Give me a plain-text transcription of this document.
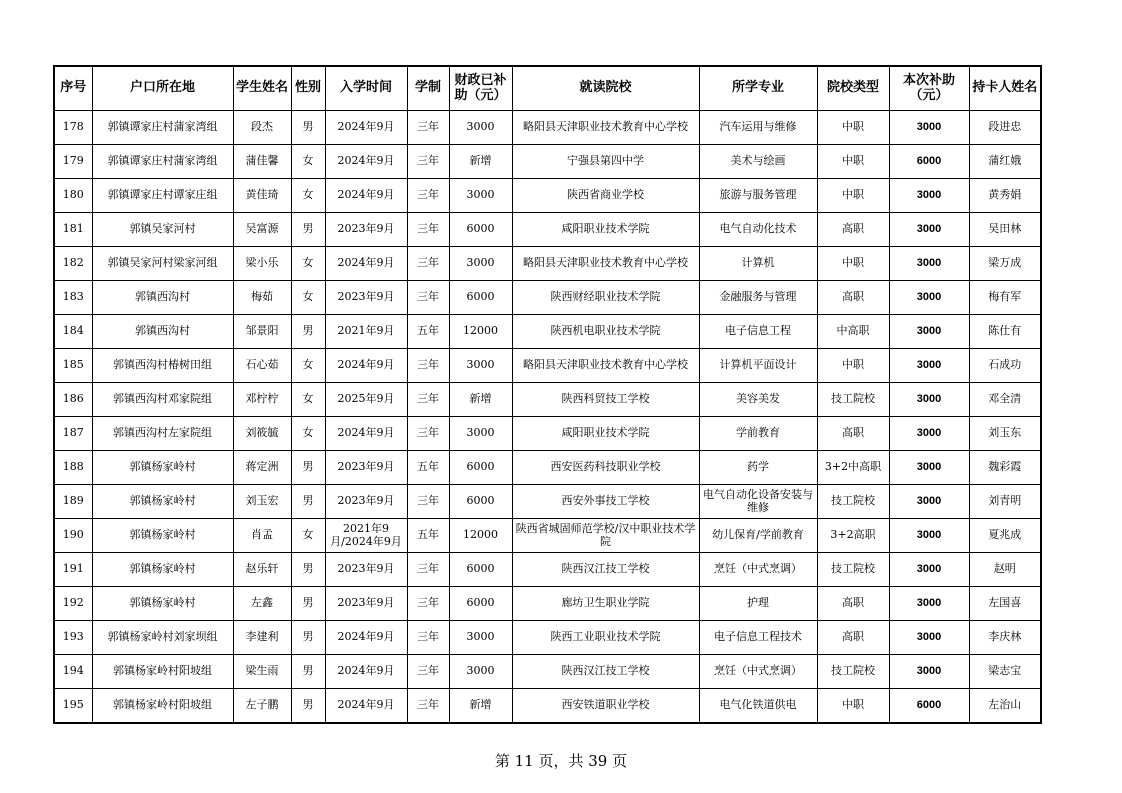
序号	户口所在地	学生姓名	性别	入学时间	学制	财政已补助（元）	就读院校	所学专业	院校类型	本次补助（元）	持卡人姓名
178	郭镇谭家庄村蒲家湾组	段杰	男	2024年9月	三年	3000	略阳县天津职业技术教育中心学校	汽车运用与维修	中职	3000	段进忠
179	郭镇谭家庄村蒲家湾组	蒲佳馨	女	2024年9月	三年	新增	宁强县第四中学	美术与绘画	中职	6000	蒲红娥
180	郭镇谭家庄村谭家庄组	黄佳琦	女	2024年9月	三年	3000	陕西省商业学校	旅游与服务管理	中职	3000	黄秀娟
181	郭镇吴家河村	吴富源	男	2023年9月	三年	6000	咸阳职业技术学院	电气自动化技术	高职	3000	吴田林
182	郭镇吴家河村梁家河组	梁小乐	女	2024年9月	三年	3000	略阳县天津职业技术教育中心学校	计算机	中职	3000	梁万成
183	郭镇西沟村	梅茹	女	2023年9月	三年	6000	陕西财经职业技术学院	金融服务与管理	高职	3000	梅有军
184	郭镇西沟村	邹景阳	男	2021年9月	五年	12000	陕西机电职业技术学院	电子信息工程	中高职	3000	陈仕有
185	郭镇西沟村椿树田组	石心茹	女	2024年9月	三年	3000	略阳县天津职业技术教育中心学校	计算机平面设计	中职	3000	石成功
186	郭镇西沟村邓家院组	邓柠柠	女	2025年9月	三年	新增	陕西科贸技工学校	美容美发	技工院校	3000	邓全清
187	郭镇西沟村左家院组	刘筱毓	女	2024年9月	三年	3000	咸阳职业技术学院	学前教育	高职	3000	刘玉东
188	郭镇杨家岭村	蒋定洲	男	2023年9月	五年	6000	西安医药科技职业学校	药学	3+2中高职	3000	魏彩霞
189	郭镇杨家岭村	刘玉宏	男	2023年9月	三年	6000	西安外事技工学校	电气自动化设备安装与维修	技工院校	3000	刘青明
190	郭镇杨家岭村	肖孟	女	2021年9月/2024年9月	五年	12000	陕西省城固师范学校/汉中职业技术学院	幼儿保育/学前教育	3+2高职	3000	夏兆成
191	郭镇杨家岭村	赵乐轩	男	2023年9月	三年	6000	陕西汉江技工学校	烹饪（中式烹调）	技工院校	3000	赵明
192	郭镇杨家岭村	左鑫	男	2023年9月	三年	6000	廊坊卫生职业学院	护理	高职	3000	左国喜
193	郭镇杨家岭村刘家坝组	李建利	男	2024年9月	三年	3000	陕西工业职业技术学院	电子信息工程技术	高职	3000	李庆林
194	郭镇杨家岭村阳坡组	梁生雨	男	2024年9月	三年	3000	陕西汉江技工学校	烹饪（中式烹调）	技工院校	3000	梁志宝
195	郭镇杨家岭村阳坡组	左子鹏	男	2024年9月	三年	新增	西安铁道职业学校	电气化铁道供电	中职	6000	左治山
第 11 页，共 39 页
